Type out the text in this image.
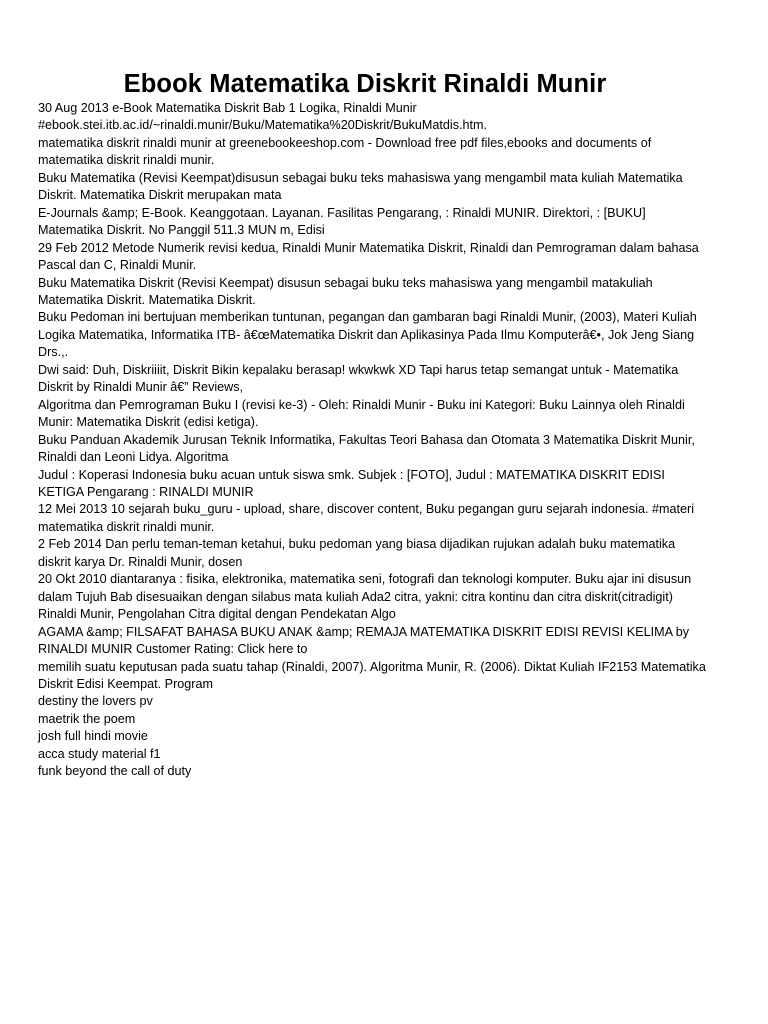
Ebook Matematika Diskrit Rinaldi Munir

30 Aug 2013 e-Book Matematika Diskrit Bab 1 Logika, Rinaldi Munir
#ebook.stei.itb.ac.id/~rinaldi.munir/Buku/Matematika%20Diskrit/BukuMatdis.htm.

matematika diskrit rinaldi munir at greenebookeeshop.com - Download free pdf files,ebooks and documents of
matematika diskrit rinaldi munir.

Buku Matematika (Revisi Keempat)disusun sebagai buku teks mahasiswa yang mengambil mata kuliah Matematika
Diskrit. Matematika Diskrit merupakan mata

E-Journals &amp; E-Book. Keanggotaan. Layanan. Fasilitas Pengarang, : Rinaldi MUNIR. Direktori, : [BUKU]
Matematika Diskrit. No Panggil 511.3 MUN m, Edisi

29 Feb 2012 Metode Numerik revisi kedua, Rinaldi Munir Matematika Diskrit, Rinaldi dan Pemrograman dalam bahasa
Pascal dan C, Rinaldi Munir.

Buku Matematika Diskrit (Revisi Keempat) disusun sebagai buku teks mahasiswa yang mengambil matakuliah
Matematika Diskrit. Matematika Diskrit.

Buku Pedoman ini bertujuan memberikan tuntunan, pegangan dan gambaran bagi Rinaldi Munir, (2003), Materi Kuliah
Logika Matematika, Informatika ITB- â€œMatematika Diskrit dan Aplikasinya Pada Ilmu Komputerâ€•, Jok Jeng Siang
Drs.,.

Dwi said: Duh, Diskriiiit, Diskrit Bikin kepalaku berasap! wkwkwk XD Tapi harus tetap semangat untuk - Matematika
Diskrit by Rinaldi Munir â€” Reviews,

Algoritma dan Pemrograman Buku I (revisi ke-3) - Oleh: Rinaldi Munir - Buku ini Kategori: Buku Lainnya oleh Rinaldi
Munir: Matematika Diskrit (edisi ketiga).

Buku Panduan Akademik Jurusan Teknik Informatika, Fakultas Teori Bahasa dan Otomata 3 Matematika Diskrit Munir,
Rinaldi dan Leoni Lidya. Algoritma

Judul : Koperasi Indonesia buku acuan untuk siswa smk. Subjek : [FOTO], Judul : MATEMATIKA DISKRIT EDISI
KETIGA Pengarang : RINALDI MUNIR

12 Mei 2013 10 sejarah buku_guru - upload, share, discover content, Buku pegangan guru sejarah indonesia. #materi
matematika diskrit rinaldi munir.

2 Feb 2014 Dan perlu teman-teman ketahui, buku pedoman yang biasa dijadikan rujukan adalah buku matematika
diskrit karya Dr. Rinaldi Munir, dosen

20 Okt 2010 diantaranya : fisika, elektronika, matematika seni, fotografi dan teknologi komputer. Buku ajar ini disusun
dalam Tujuh Bab disesuaikan dengan silabus mata kuliah Ada2 citra, yakni: citra kontinu dan citra diskrit(citradigit)
Rinaldi Munir, Pengolahan Citra digital dengan Pendekatan Algo

AGAMA &amp; FILSAFAT BAHASA BUKU ANAK &amp; REMAJA MATEMATIKA DISKRIT EDISI REVISI KELIMA by
RINALDI MUNIR Customer Rating: Click here to

memilih suatu keputusan pada suatu tahap (Rinaldi, 2007). Algoritma Munir, R. (2006). Diktat Kuliah IF2153 Matematika
Diskrit Edisi Keempat. Program

destiny the lovers pv

maetrik the poem

josh full hindi movie

acca study material f1

funk beyond the call of duty
